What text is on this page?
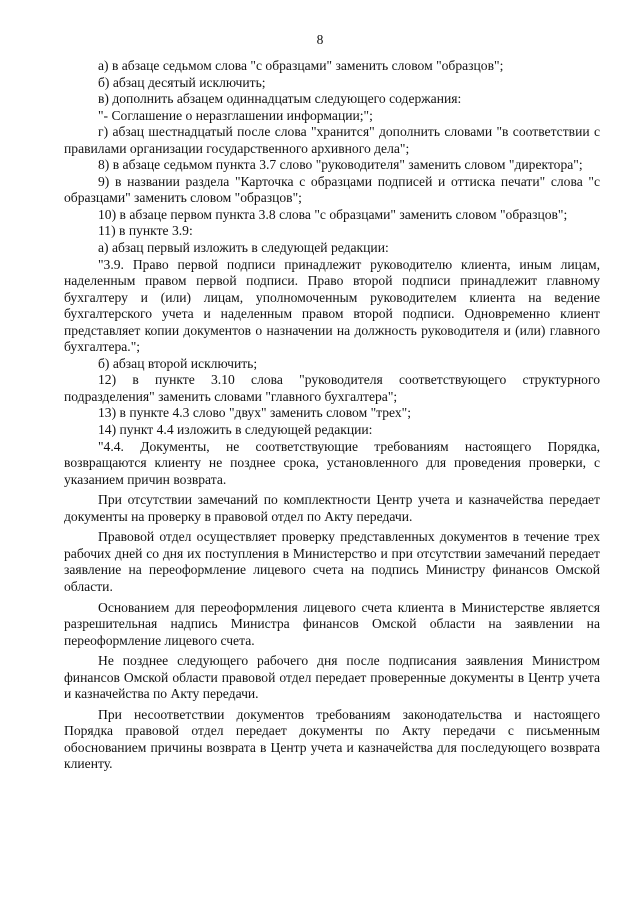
8

а) в абзаце седьмом слова "с образцами" заменить словом "образцов";

б) абзац десятый исключить;

в) дополнить абзацем одиннадцатым следующего содержания:

"- Соглашение о неразглашении информации;";

г) абзац шестнадцатый после слова "хранится" дополнить словами "в соответствии с правилами организации государственного архивного дела";

8) в абзаце седьмом пункта 3.7 слово "руководителя" заменить словом "директора";

9) в названии раздела "Карточка с образцами подписей и оттиска печати" слова "с образцами" заменить словом "образцов";

10) в абзаце первом пункта 3.8 слова "с образцами" заменить словом "образцов";

11) в пункте 3.9:

а) абзац первый изложить в следующей редакции:

"3.9. Право первой подписи принадлежит руководителю клиента, иным лицам, наделенным правом первой подписи. Право второй подписи принадлежит главному бухгалтеру и (или) лицам, уполномоченным руководителем клиента на ведение бухгалтерского учета и наделенным правом второй подписи. Одновременно клиент представляет копии документов о назначении на должность руководителя и (или) главного бухгалтера.";

б) абзац второй исключить;

12) в пункте 3.10 слова "руководителя соответствующего структурного подразделения" заменить словами "главного бухгалтера";

13) в пункте 4.3 слово "двух" заменить словом "трех";

14) пункт 4.4 изложить в следующей редакции:

"4.4. Документы, не соответствующие требованиям настоящего Порядка, возвращаются клиенту не позднее срока, установленного для проведения проверки, с указанием причин возврата.

При отсутствии замечаний по комплектности Центр учета и казначейства передает документы на проверку в правовой отдел по Акту передачи.

Правовой отдел осуществляет проверку представленных документов в течение трех рабочих дней со дня их поступления в Министерство и при отсутствии замечаний передает заявление на переоформление лицевого счета на подпись Министру финансов Омской области.

Основанием для переоформления лицевого счета клиента в Министерстве является разрешительная надпись Министра финансов Омской области на заявлении на переоформление лицевого счета.

Не позднее следующего рабочего дня после подписания заявления Министром финансов Омской области правовой отдел передает проверенные документы в Центр учета и казначейства по Акту передачи.

При несоответствии документов требованиям законодательства и настоящего Порядка правовой отдел передает документы по Акту передачи с письменным обоснованием причины возврата в Центр учета и казначейства для последующего возврата клиенту.
